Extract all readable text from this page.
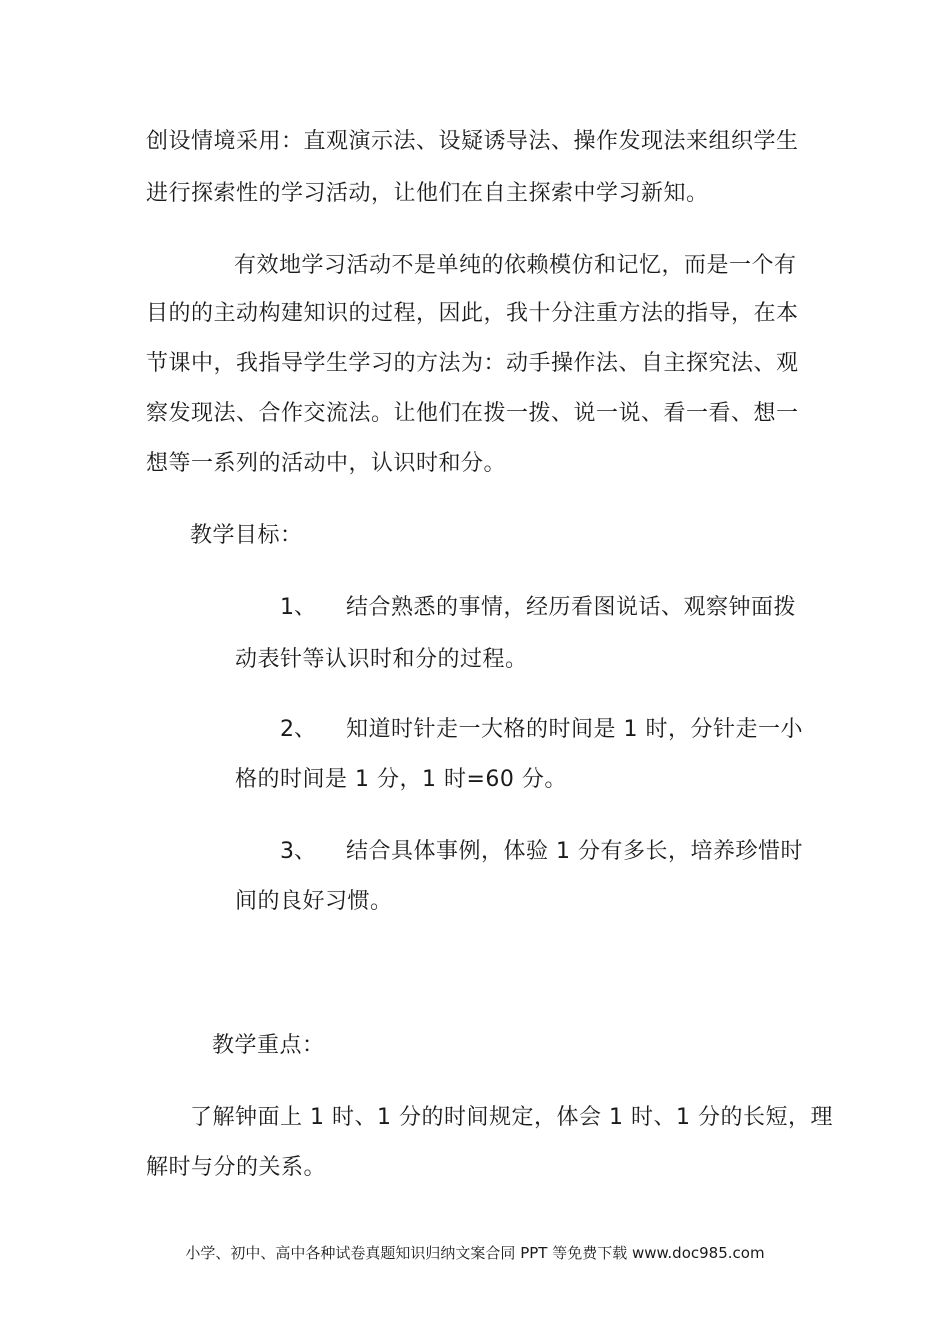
创设情境采用：直观演示法、设疑诱导法、操作发现法来组织学生
进行探索性的学习活动，让他们在自主探索中学习新知。
有效地学习活动不是单纯的依赖模仿和记忆，而是一个有
目的的主动构建知识的过程，因此，我十分注重方法的指导，在本
节课中，我指导学生学习的方法为：动手操作法、自主探究法、观
察发现法、合作交流法。让他们在拨一拨、说一说、看一看、想一
想等一系列的活动中，认识时和分。
教学目标：
1、 结合熟悉的事情，经历看图说话、观察钟面拨
动表针等认识时和分的过程。
2、 知道时针走一大格的时间是 1 时，分针走一小
格的时间是 1 分，1 时=60 分。
3、 结合具体事例，体验 1 分有多长，培养珍惜时
间的良好习惯。
教学重点：
了解钟面上 1 时、1 分的时间规定，体会 1 时、1 分的长短，理
解时与分的关系。
小学、初中、高中各种试卷真题知识归纳文案合同 PPT 等免费下载 www.doc985.com
